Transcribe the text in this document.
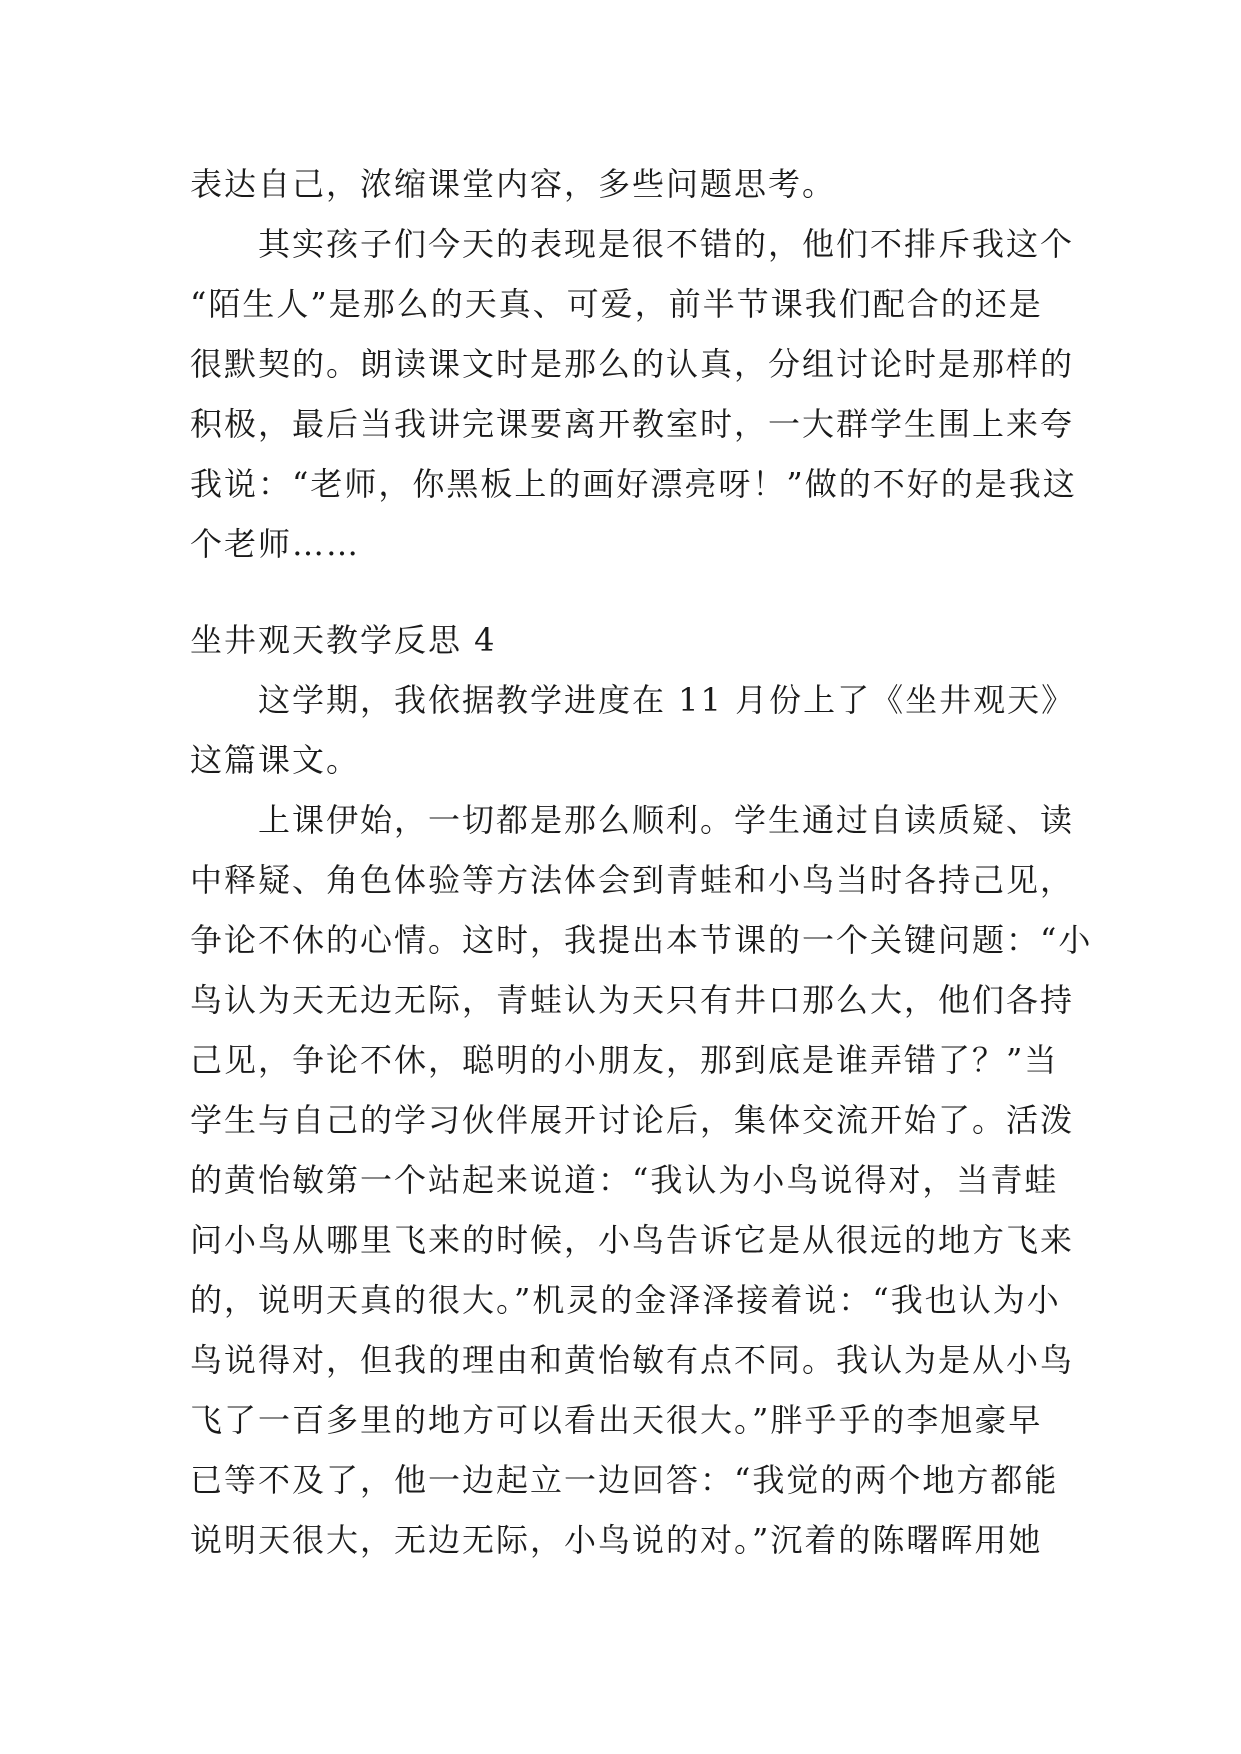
表达自己，浓缩课堂内容，多些问题思考。
其实孩子们今天的表现是很不错的，他们不排斥我这个
“陌生人”是那么的天真、可爱，前半节课我们配合的还是
很默契的。朗读课文时是那么的认真，分组讨论时是那样的
积极，最后当我讲完课要离开教室时，一大群学生围上来夸
我说：“老师，你黑板上的画好漂亮呀！”做的不好的是我这
个老师……
坐井观天教学反思 4
这学期，我依据教学进度在 11 月份上了《坐井观天》
这篇课文。
上课伊始，一切都是那么顺利。学生通过自读质疑、读
中释疑、角色体验等方法体会到青蛙和小鸟当时各持己见，
争论不休的心情。这时，我提出本节课的一个关键问题：“小
鸟认为天无边无际，青蛙认为天只有井口那么大，他们各持
己见，争论不休，聪明的小朋友，那到底是谁弄错了？”当
学生与自己的学习伙伴展开讨论后，集体交流开始了。活泼
的黄怡敏第一个站起来说道：“我认为小鸟说得对，当青蛙
问小鸟从哪里飞来的时候，小鸟告诉它是从很远的地方飞来
的，说明天真的很大。”机灵的金泽泽接着说：“我也认为小
鸟说得对，但我的理由和黄怡敏有点不同。我认为是从小鸟
飞了一百多里的地方可以看出天很大。”胖乎乎的李旭豪早
已等不及了，他一边起立一边回答：“我觉的两个地方都能
说明天很大，无边无际，小鸟说的对。”沉着的陈曙晖用她
